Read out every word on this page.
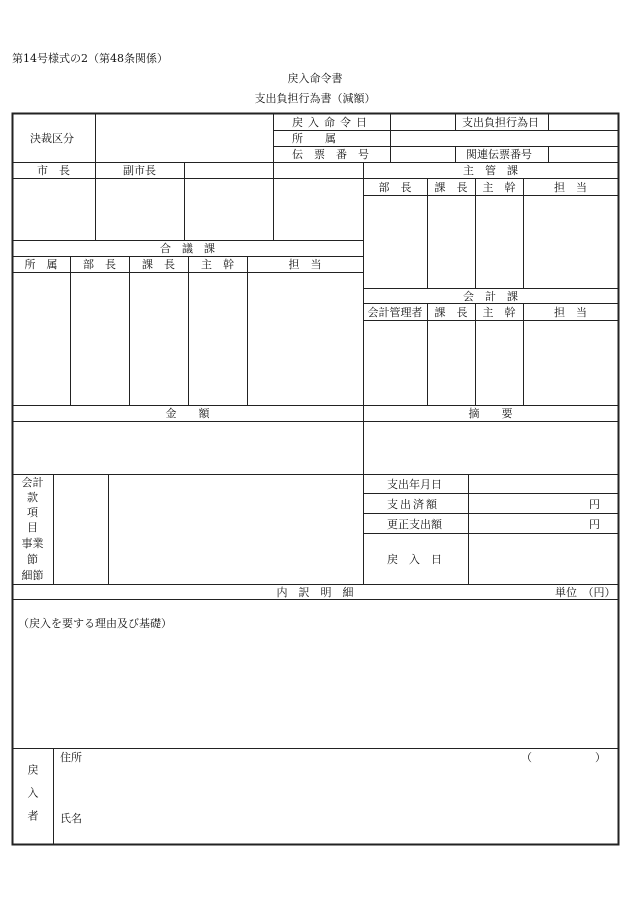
第14号様式の2（第48条関係）
戻入命令書
支出負担行為書（減額）
決裁区分
戻入命令日
所　　属
伝　票　番　号
支出負担行為日
関連伝票番号
市　長	副市長	主　管　課
部　長	課　長	主　幹	担　当
合　議　課
所　属	部　長	課　長	主　幹	担　当
会　計　課
会計管理者	課　長	主　幹	担　当
金　　額	摘　　要
会計
款
項
目
事業
節
細節
支出年月日
支出済額	円
更正支出額	円
戻　入　日
内　訳　明　細	単位　（円）
（戻入を要する理由及び基礎）
戻入者
住所	（	）
氏名
